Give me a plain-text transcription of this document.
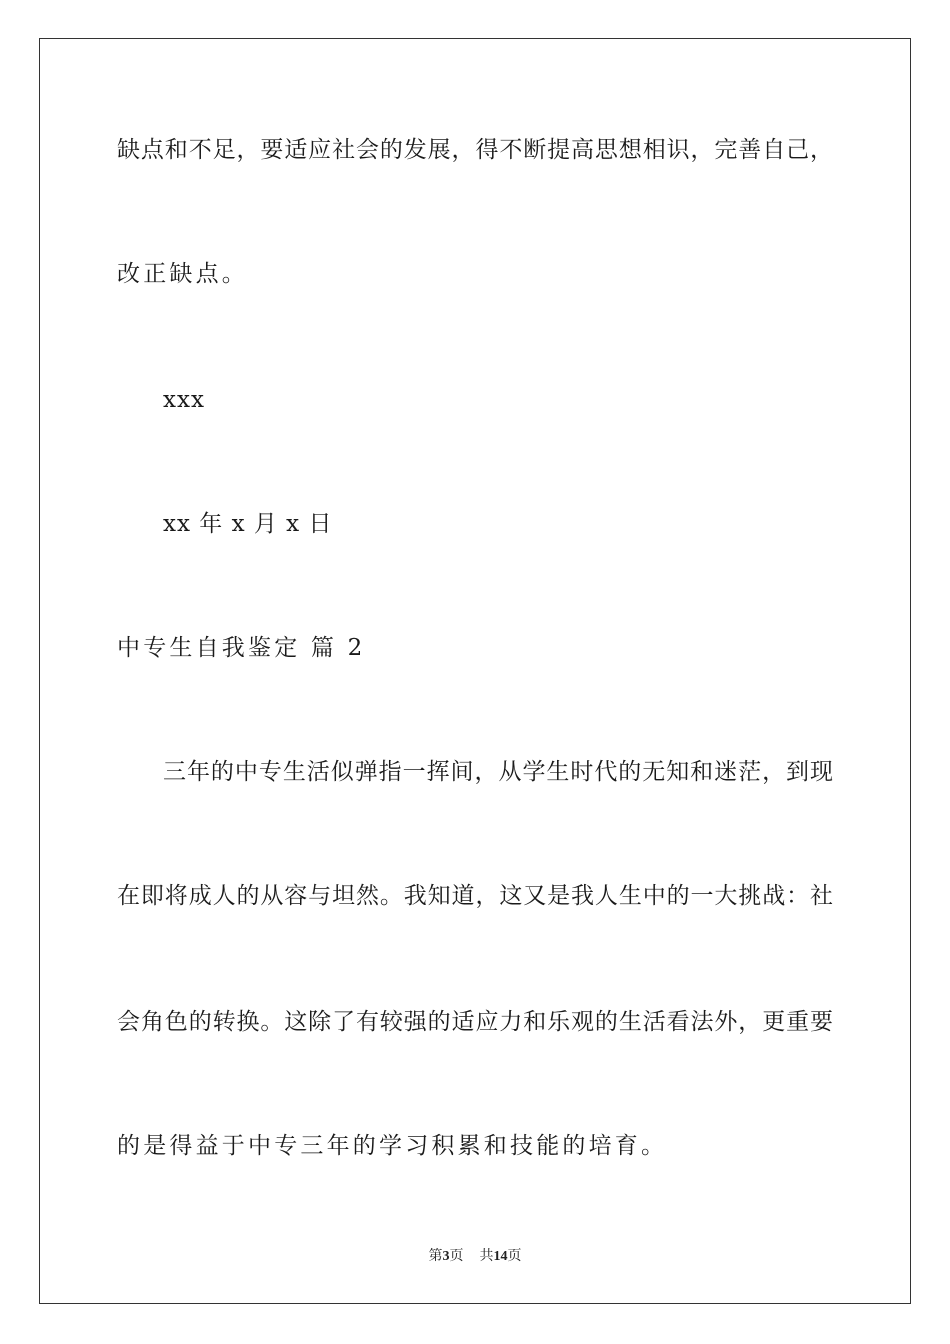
缺点和不足，要适应社会的发展，得不断提高思想相识，完善自己，
改正缺点。
xxx
xx 年 x 月 x 日
中专生自我鉴定 篇 2
三年的中专生活似弹指一挥间，从学生时代的无知和迷茫，到现
在即将成人的从容与坦然。我知道，这又是我人生中的一大挑战：社
会角色的转换。这除了有较强的适应力和乐观的生活看法外，更重要
的是得益于中专三年的学习积累和技能的培育。
第3页 共14页
